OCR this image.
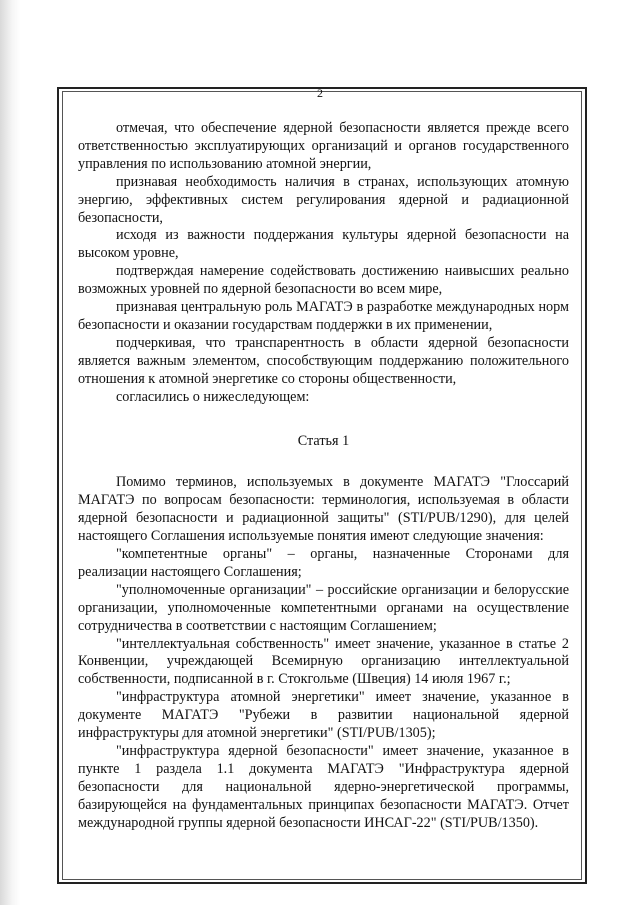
2

отмечая, что обеспечение ядерной безопасности является прежде всего ответственностью эксплуатирующих организаций и органов государственного управления по использованию атомной энергии,

признавая необходимость наличия в странах, использующих атомную энергию, эффективных систем регулирования ядерной и радиационной безопасности,

исходя из важности поддержания культуры ядерной безопасности на высоком уровне,

подтверждая намерение содействовать достижению наивысших реально возможных уровней по ядерной безопасности во всем мире,

признавая центральную роль МАГАТЭ в разработке международных норм безопасности и оказании государствам поддержки в их применении,

подчеркивая, что транспарентность в области ядерной безопасности является важным элементом, способствующим поддержанию положительного отношения к атомной энергетике со стороны общественности,

согласились о нижеследующем:

Статья 1

Помимо терминов, используемых в документе МАГАТЭ "Глоссарий МАГАТЭ по вопросам безопасности: терминология, используемая в области ядерной безопасности и радиационной защиты" (STI/PUB/1290), для целей настоящего Соглашения используемые понятия имеют следующие значения:

"компетентные органы" – органы, назначенные Сторонами для реализации настоящего Соглашения;

"уполномоченные организации" – российские организации и белорусские организации, уполномоченные компетентными органами на осуществление сотрудничества в соответствии с настоящим Соглашением;

"интеллектуальная собственность" имеет значение, указанное в статье 2 Конвенции, учреждающей Всемирную организацию интеллектуальной собственности, подписанной в г. Стокгольме (Швеция) 14 июля 1967 г.;

"инфраструктура атомной энергетики" имеет значение, указанное в документе МАГАТЭ "Рубежи в развитии национальной ядерной инфраструктуры для атомной энергетики" (STI/PUB/1305);

"инфраструктура ядерной безопасности" имеет значение, указанное в пункте 1 раздела 1.1 документа МАГАТЭ "Инфраструктура ядерной безопасности для национальной ядерно-энергетической программы, базирующейся на фундаментальных принципах безопасности МАГАТЭ. Отчет международной группы ядерной безопасности ИНСАГ-22" (STI/PUB/1350).
